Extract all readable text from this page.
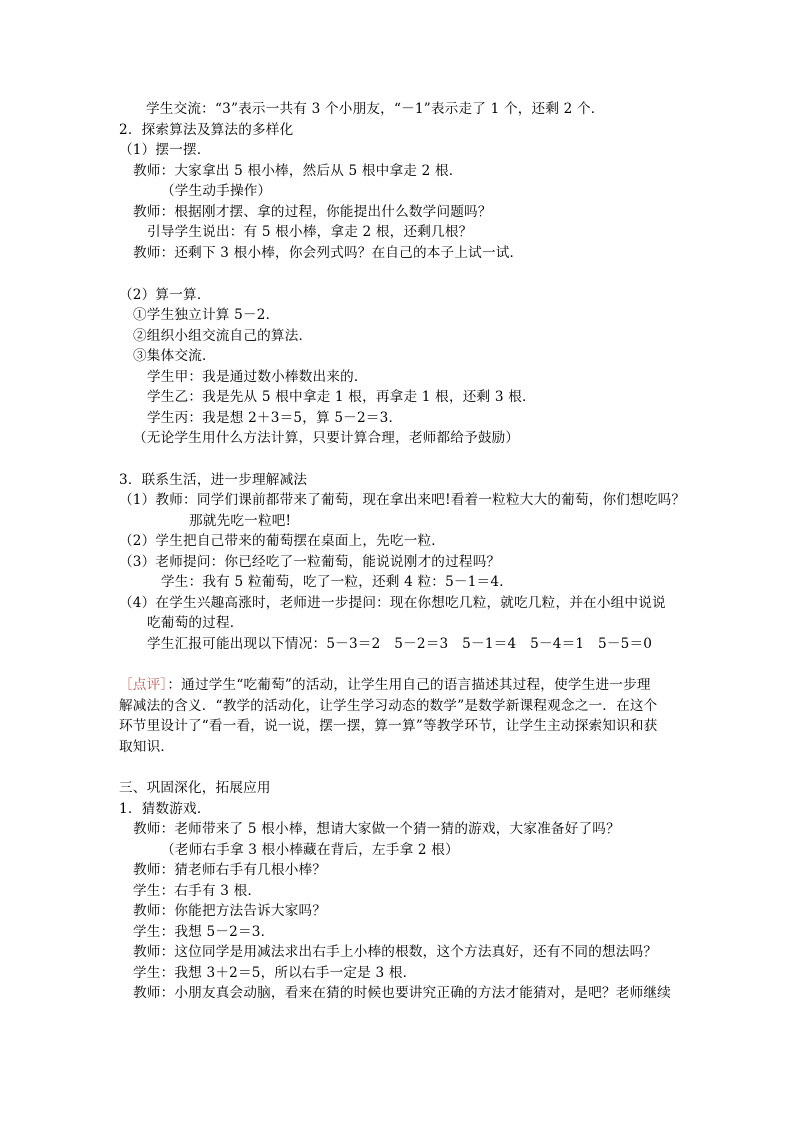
学生交流：“3”表示一共有 3 个小朋友，“－1”表示走了 1 个，还剩 2 个．
2．探索算法及算法的多样化
（1）摆一摆．
教师：大家拿出 5 根小棒，然后从 5 根中拿走 2 根．
（学生动手操作）
教师：根据刚才摆、拿的过程，你能提出什么数学问题吗？
引导学生说出：有 5 根小棒，拿走 2 根，还剩几根？
教师：还剩下 3 根小棒，你会列式吗？在自己的本子上试一试．
（2）算一算．
①学生独立计算 5－2．
②组织小组交流自己的算法．
③集体交流．
学生甲：我是通过数小棒数出来的．
学生乙：我是先从 5 根中拿走 1 根，再拿走 1 根，还剩 3 根．
学生丙：我是想 2＋3＝5，算 5－2＝3．
（无论学生用什么方法计算，只要计算合理，老师都给予鼓励）
3．联系生活，进一步理解减法
（1）教师：同学们课前都带来了葡萄，现在拿出来吧!看着一粒粒大大的葡萄，你们想吃吗？
那就先吃一粒吧!
（2）学生把自己带来的葡萄摆在桌面上，先吃一粒．
（3）老师提问：你已经吃了一粒葡萄，能说说刚才的过程吗？
学生：我有 5 粒葡萄，吃了一粒，还剩 4 粒：5－1＝4．
（4）在学生兴趣高涨时，老师进一步提问：现在你想吃几粒，就吃几粒，并在小组中说说
吃葡萄的过程．
学生汇报可能出现以下情况：5－3＝2　5－2＝3　5－1＝4　5－4＝1　5－5＝0
［点评］：通过学生“吃葡萄”的活动，让学生用自己的语言描述其过程，使学生进一步理
解减法的含义．“教学的活动化，让学生学习动态的数学”是数学新课程观念之一．在这个
环节里设计了“看一看，说一说，摆一摆，算一算”等教学环节，让学生主动探索知识和获
取知识．
三、巩固深化，拓展应用
1．猜数游戏．
教师：老师带来了 5 根小棒，想请大家做一个猜一猜的游戏，大家准备好了吗？
（老师右手拿 3 根小棒藏在背后，左手拿 2 根）
教师：猜老师右手有几根小棒？
学生：右手有 3 根．
教师：你能把方法告诉大家吗？
学生：我想 5－2＝3．
教师：这位同学是用减法求出右手上小棒的根数，这个方法真好，还有不同的想法吗？
学生：我想 3＋2＝5，所以右手一定是 3 根．
教师：小朋友真会动脑，看来在猜的时候也要讲究正确的方法才能猜对，是吧？老师继续
